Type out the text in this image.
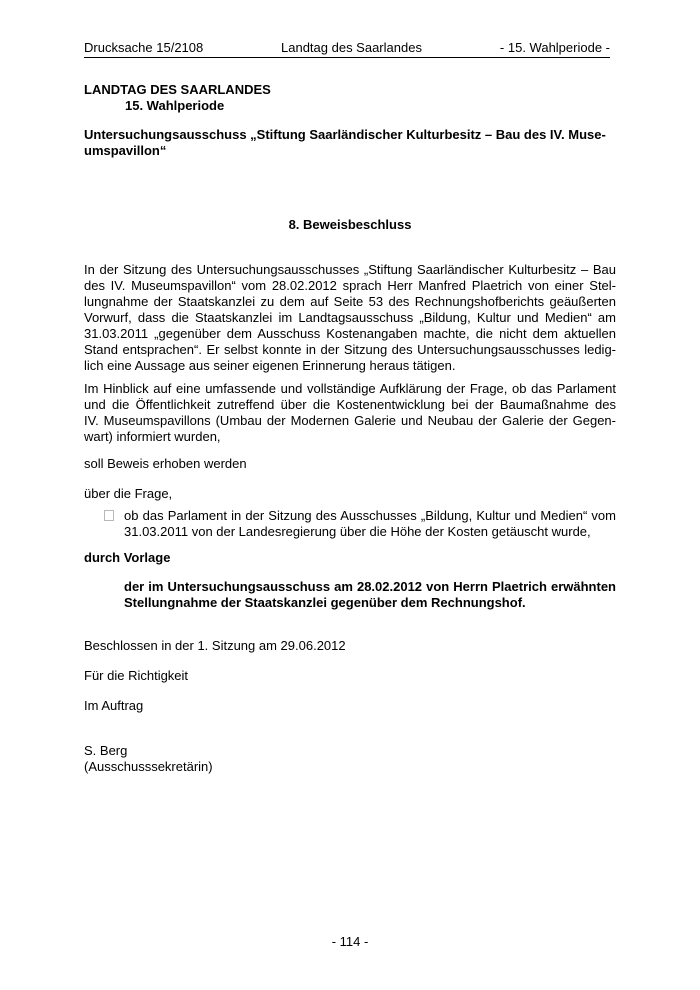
Drucksache 15/2108	Landtag des Saarlandes	- 15. Wahlperiode -
LANDTAG DES SAARLANDES
15. Wahlperiode
Untersuchungsausschuss „Stiftung Saarländischer Kulturbesitz – Bau des IV. Muse-
umspavillon“
8. Beweisbeschluss
In der Sitzung des Untersuchungsausschusses „Stiftung Saarländischer Kulturbesitz – Bau
des IV. Museumspavillon“ vom 28.02.2012 sprach Herr Manfred Plaetrich von einer Stel-
lungnahme der Staatskanzlei zu dem auf Seite 53 des Rechnungshofberichts geäußerten
Vorwurf, dass die Staatskanzlei im Landtagsausschuss „Bildung, Kultur und Medien“ am
31.03.2011 „gegenüber dem Ausschuss Kostenangaben machte, die nicht dem aktuellen
Stand entsprachen“. Er selbst konnte in der Sitzung des Untersuchungsausschusses ledig-
lich eine Aussage aus seiner eigenen Erinnerung heraus tätigen.
Im Hinblick auf eine umfassende und vollständige Aufklärung der Frage, ob das Parlament
und die Öffentlichkeit zutreffend über die Kostenentwicklung bei der Baumaßnahme des
IV. Museumspavillons (Umbau der Modernen Galerie und Neubau der Galerie der Gegen-
wart) informiert wurden,
soll Beweis erhoben werden
über die Frage,
ob das Parlament in der Sitzung des Ausschusses „Bildung, Kultur und Medien“ vom
31.03.2011 von der Landesregierung über die Höhe der Kosten getäuscht wurde,
durch Vorlage
der im Untersuchungsausschuss am 28.02.2012 von Herrn Plaetrich erwähnten
Stellungnahme der Staatskanzlei gegenüber dem Rechnungshof.
Beschlossen in der 1. Sitzung am 29.06.2012
Für die Richtigkeit
Im Auftrag
S. Berg
(Ausschusssekretärin)
- 114 -
